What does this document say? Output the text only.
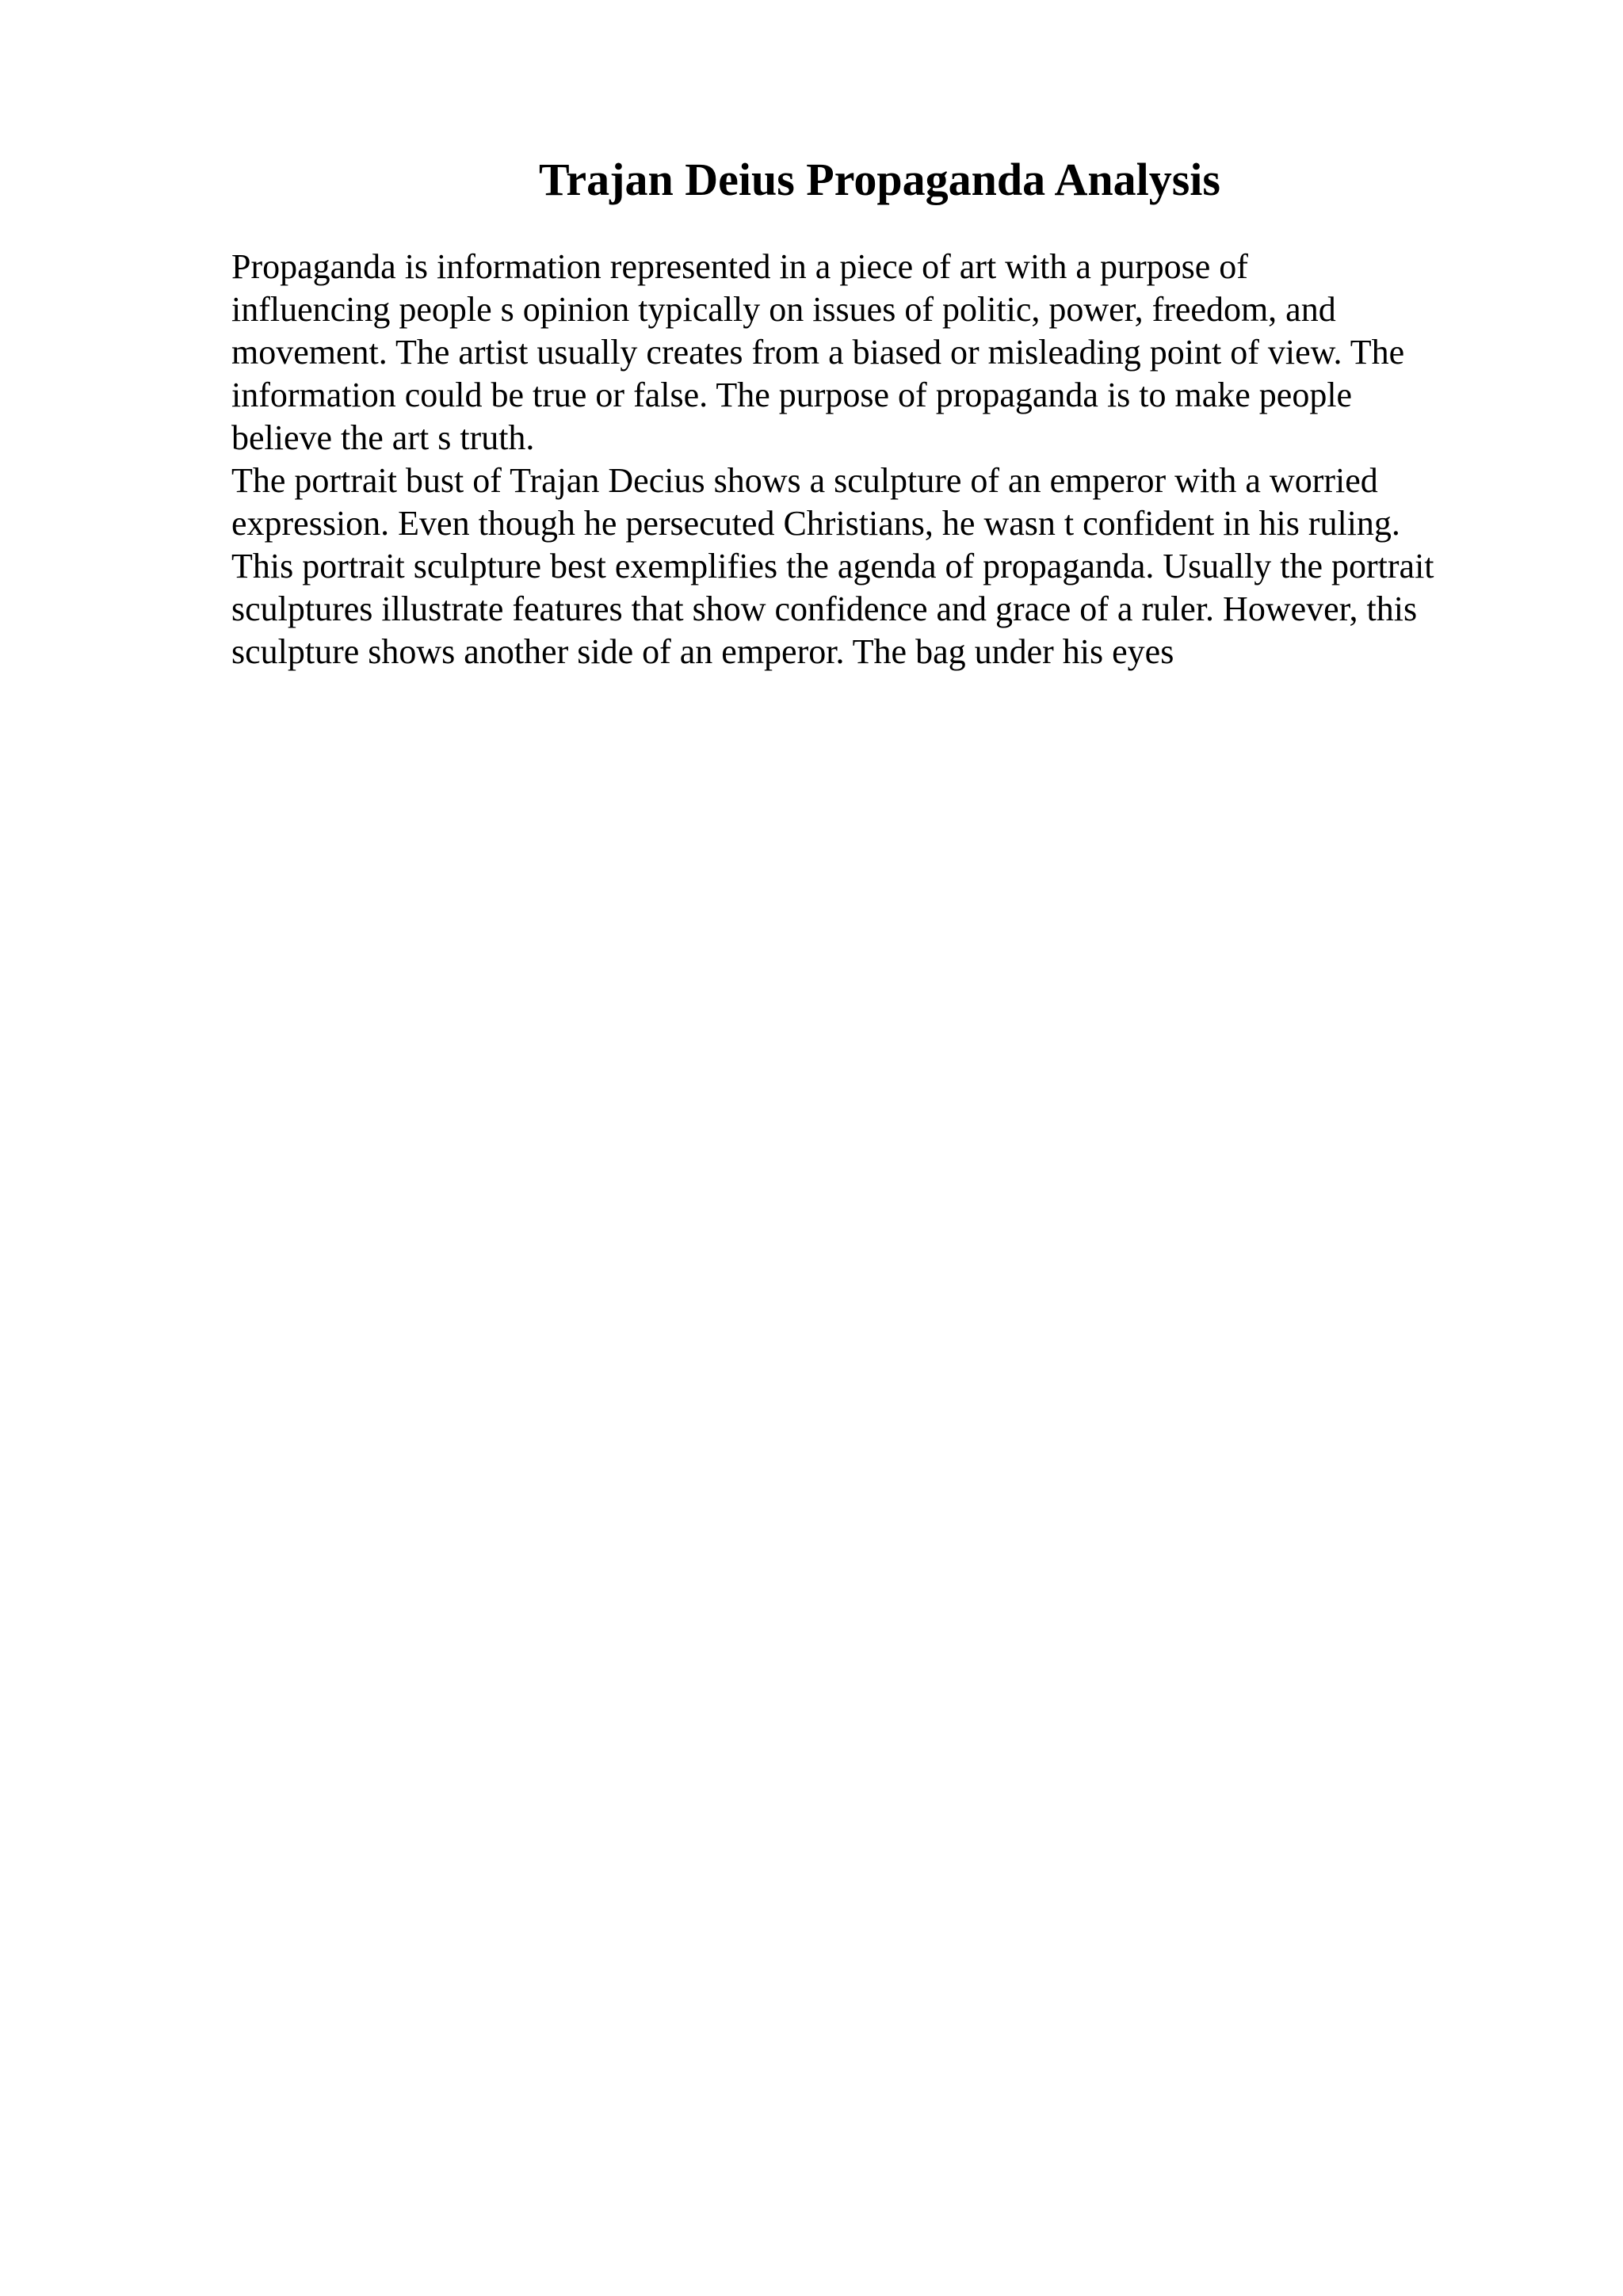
Trajan Deius Propaganda Analysis
Propaganda is information represented in a piece of art with a purpose of
influencing people s opinion typically on issues of politic, power, freedom, and
movement. The artist usually creates from a biased or misleading point of view. The
information could be true or false. The purpose of propaganda is to make people
believe the art s truth.
The portrait bust of Trajan Decius shows a sculpture of an emperor with a worried
expression. Even though he persecuted Christians, he wasn t confident in his ruling.
This portrait sculpture best exemplifies the agenda of propaganda. Usually the portrait
sculptures illustrate features that show confidence and grace of a ruler. However, this
sculpture shows another side of an emperor. The bag under his eyes
